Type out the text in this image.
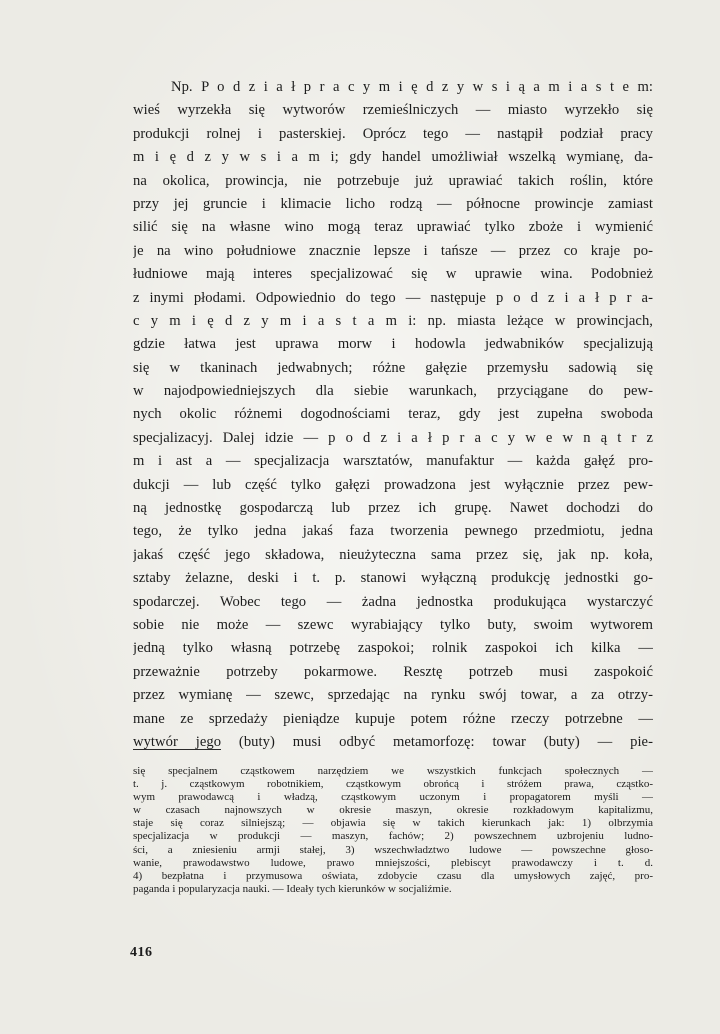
Np. P o d z i a ł p r a c y m i ę d z y w s i ą a m i a s t e m:
wieś wyrzekła się wytworów rzemieślniczych — miasto wyrzekło się
produkcji rolnej i pasterskiej. Oprócz tego — nastąpił podział pracy
m i ę d z y w s i a m i; gdy handel umożliwiał wszelką wymianę, da-
na okolica, prowincja, nie potrzebuje już uprawiać takich roślin, które
przy jej gruncie i klimacie licho rodzą — północne prowincje zamiast
silić się na własne wino mogą teraz uprawiać tylko zboże i wymienić
je na wino południowe znacznie lepsze i tańsze — przez co kraje po-
łudniowe mają interes specjalizować się w uprawie wina. Podobnież
z inymi płodami. Odpowiednio do tego — następuje p o d z i a ł p r a-
c y m i ę d z y m i a s t a m i: np. miasta leżące w prowincjach,
gdzie łatwa jest uprawa morw i hodowla jedwabników specjalizują
się w tkaninach jedwabnych; różne gałęzie przemysłu sadowią się
w najodpowiedniejszych dla siebie warunkach, przyciągane do pew-
nych okolic różnemi dogodnościami teraz, gdy jest zupełna swoboda
specjalizacyj. Dalej idzie — p o d z i a ł p r a c y w e w n ą t r z
m i ast a — specjalizacja warsztatów, manufaktur — każda gałęź pro-
dukcji — lub część tylko gałęzi prowadzona jest wyłącznie przez pew-
ną jednostkę gospodarczą lub przez ich grupę. Nawet dochodzi do
tego, że tylko jedna jakaś faza tworzenia pewnego przedmiotu, jedna
jakaś część jego składowa, nieużyteczna sama przez się, jak np. koła,
sztaby żelazne, deski i t. p. stanowi wyłączną produkcję jednostki go-
spodarczej. Wobec tego — żadna jednostka produkująca wystarczyć
sobie nie może — szewc wyrabiający tylko buty, swoim wytworem
jedną tylko własną potrzebę zaspokoi; rolnik zaspokoi ich kilka —
przeważnie potrzeby pokarmowe. Resztę potrzeb musi zaspokoić
przez wymianę — szewc, sprzedając na rynku swój towar, a za otrzy-
mane ze sprzedaży pieniądze kupuje potem różne rzeczy potrzebne —
wytwór jego (buty) musi odbyć metamorfozę: towar (buty) — pie-
się specjalnem cząstkowem narzędziem we wszystkich funkcjach społecznych —
t. j. cząstkowym robotnikiem, cząstkowym obrońcą i stróżem prawa, cząstko-
wym prawodawcą i władzą, cząstkowym uczonym i propagatorem myśli —
w czasach najnowszych w okresie maszyn, okresie rozkładowym kapitalizmu,
staje się coraz silniejszą; — objawia się w takich kierunkach jak: 1) olbrzymia
specjalizacja w produkcji — maszyn, fachów; 2) powszechnem uzbrojeniu ludno-
ści, a zniesieniu armji stałej, 3) wszechwładztwo ludowe — powszechne głoso-
wanie, prawodawstwo ludowe, prawo mniejszości, plebiscyt prawodawczy i t. d.
4) bezpłatna i przymusowa oświata, zdobycie czasu dla umysłowych zajęć, pro-
paganda i popularyzacja nauki. — Ideały tych kierunków w socjaliźmie.
416
